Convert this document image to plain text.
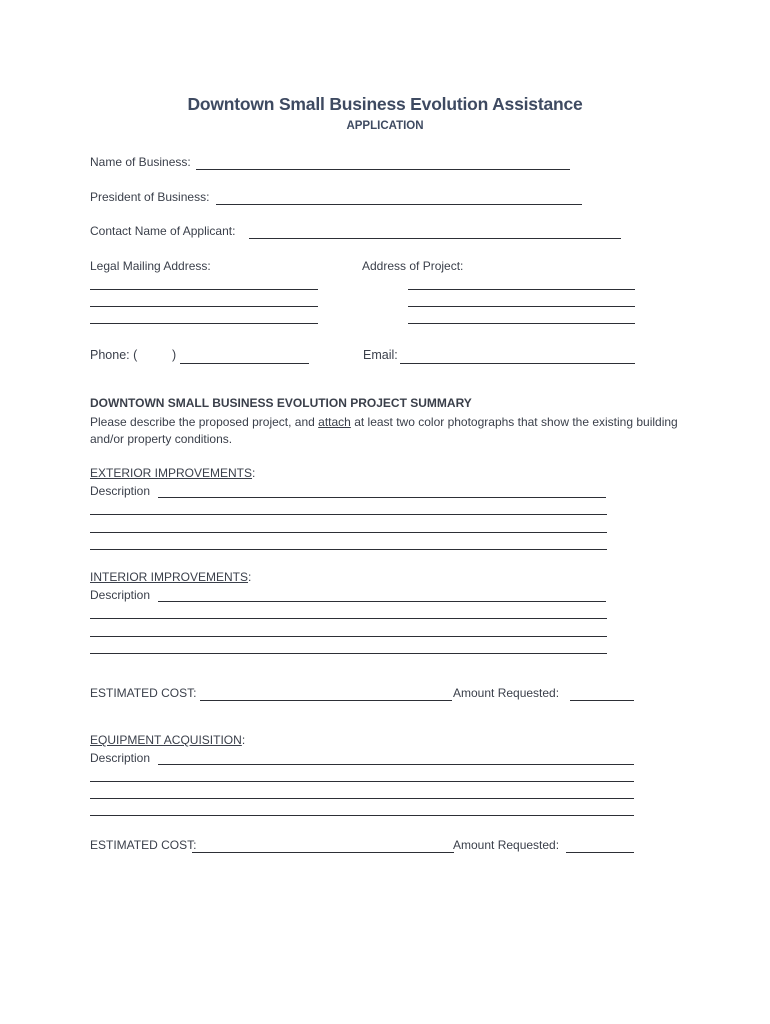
Downtown Small Business Evolution Assistance
APPLICATION
Name of Business:
President of Business:
Contact Name of Applicant:
Legal Mailing Address:	Address of Project:
Phone: (	)	Email:
DOWNTOWN SMALL BUSINESS EVOLUTION PROJECT SUMMARY
Please describe the proposed project, and attach at least two color photographs that show the existing building and/or property conditions.
EXTERIOR IMPROVEMENTS:
Description
INTERIOR IMPROVEMENTS:
Description
ESTIMATED COST:	Amount Requested:
EQUIPMENT ACQUISITION:
Description
ESTIMATED COST:	Amount Requested:
